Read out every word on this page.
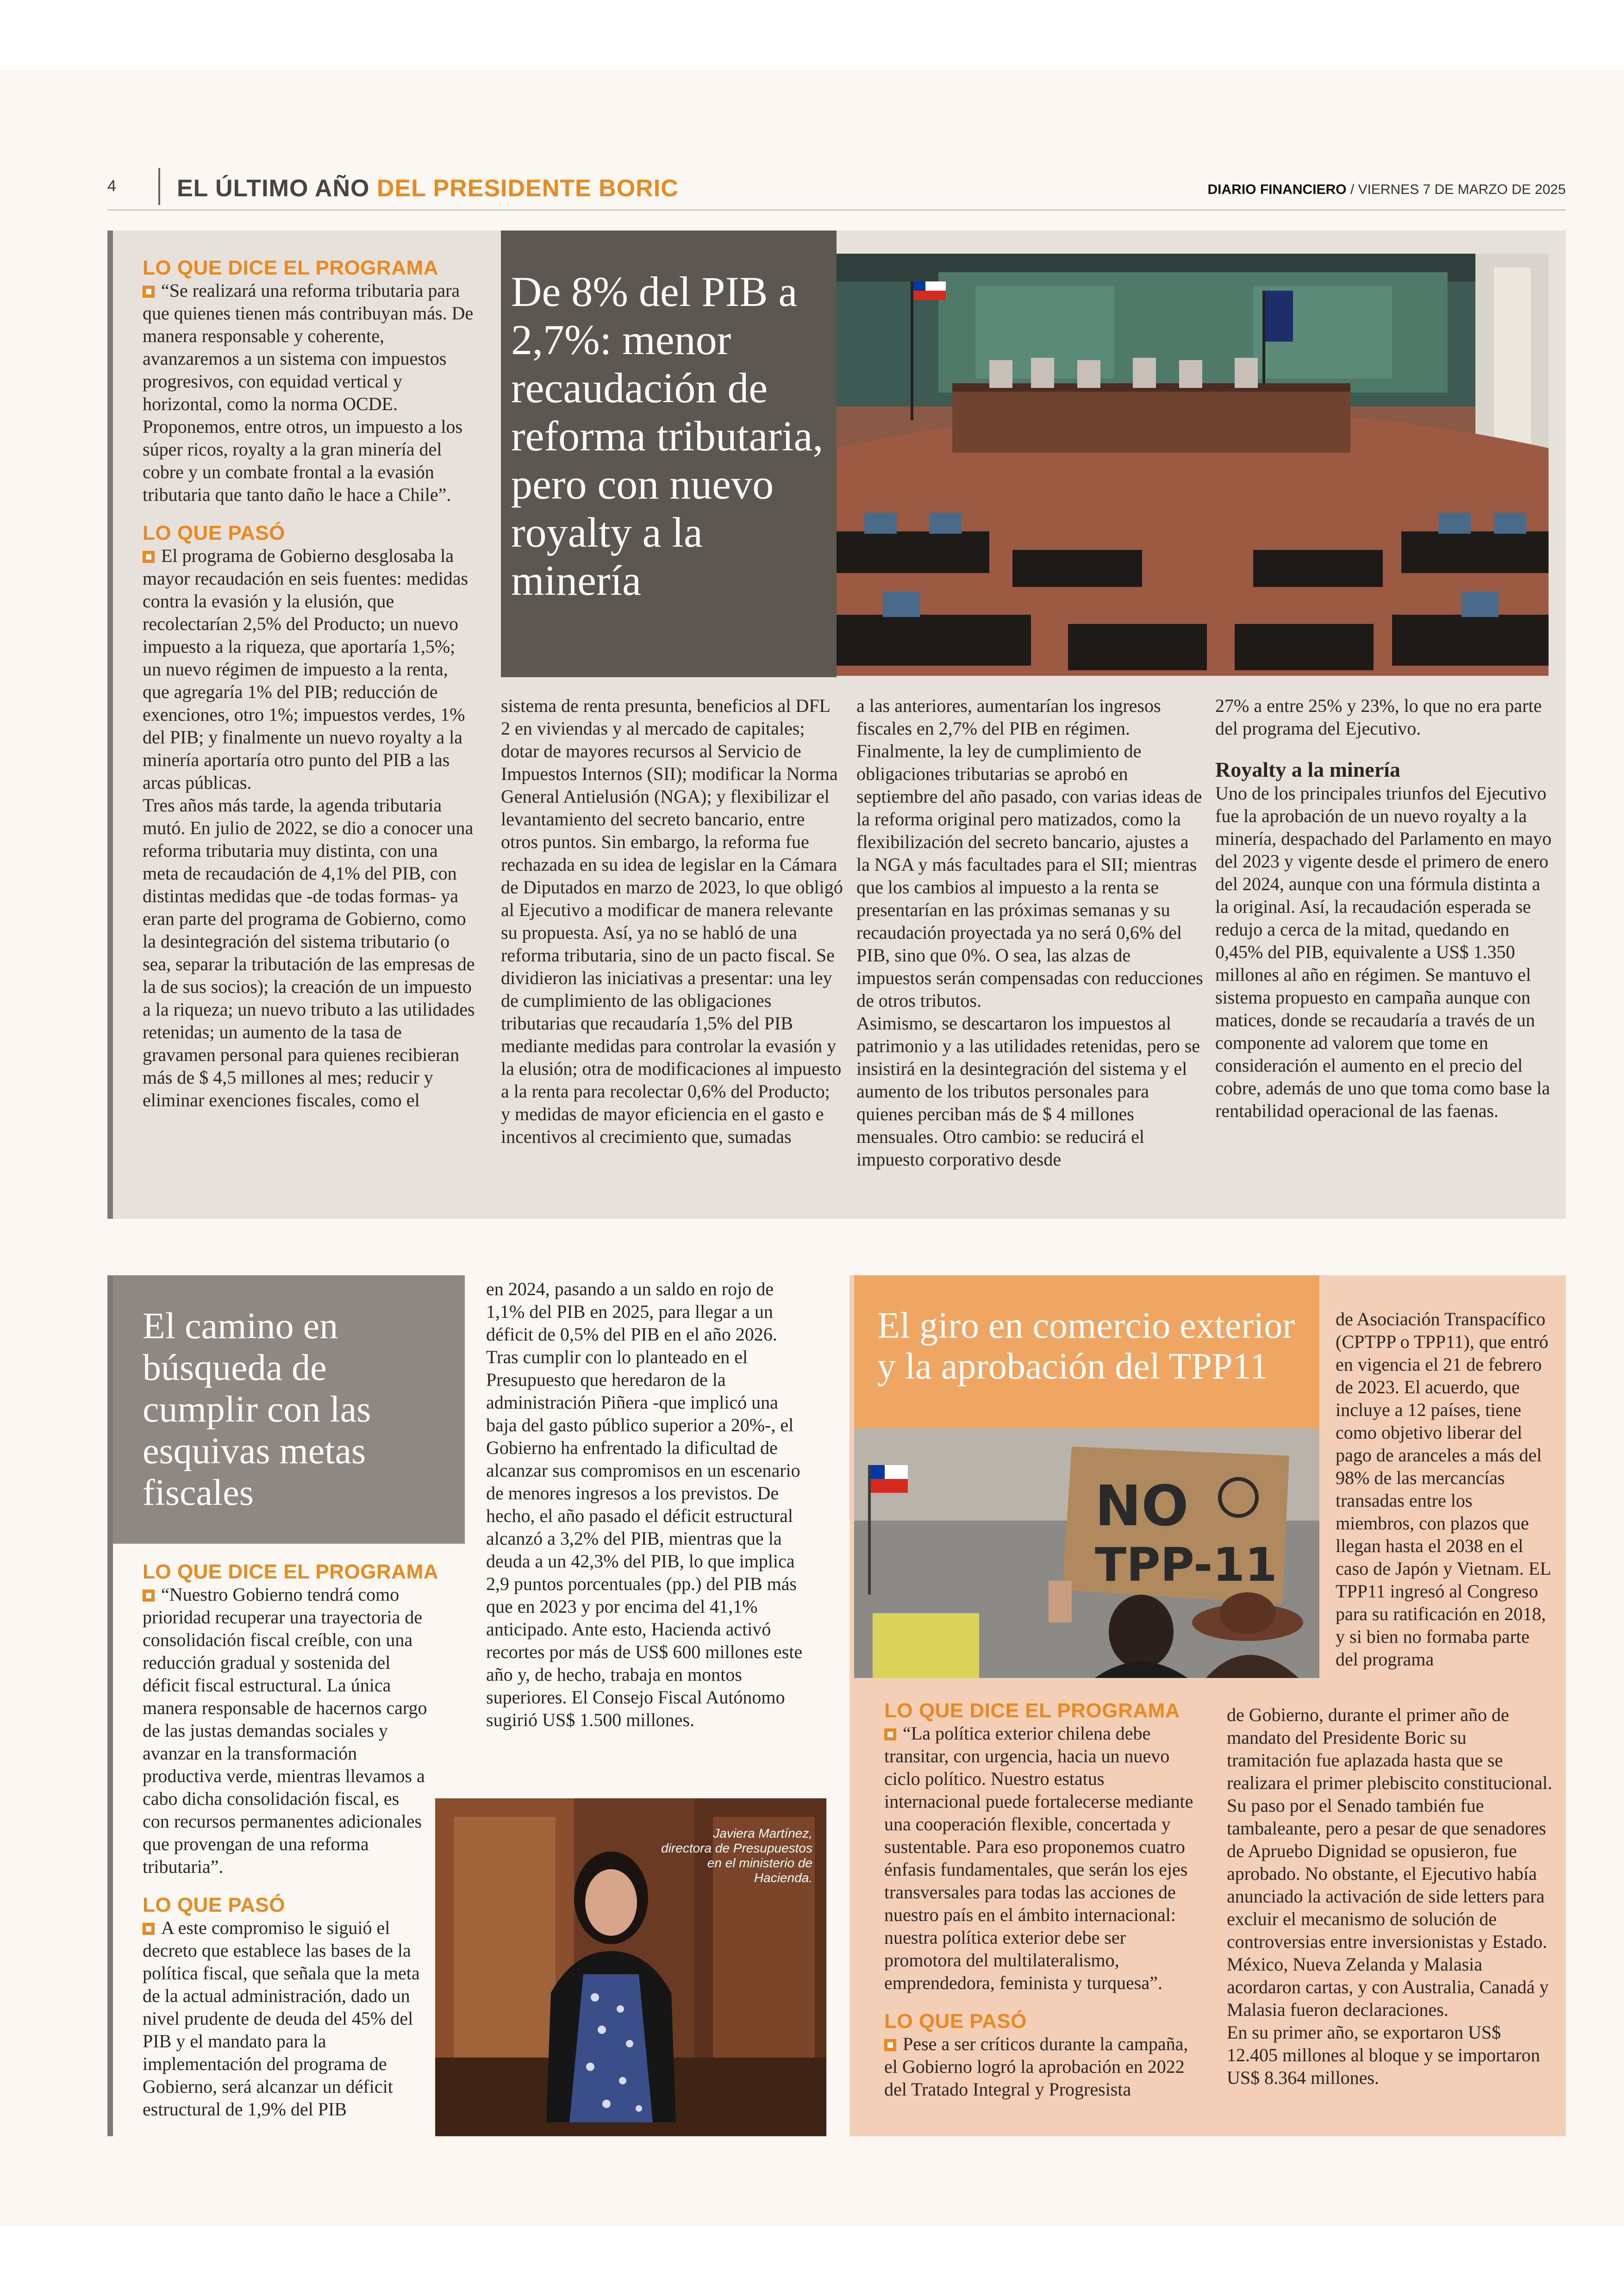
4	EL ÚLTIMO AÑO DEL PRESIDENTE BORIC	DIARIO FINANCIERO / VIERNES 7 DE MARZO DE 2025
LO QUE DICE EL PROGRAMA

“Se realizará una reforma tributaria para que quienes tienen más contribuyan más. De manera responsable y coherente, avanzaremos a un sistema con impuestos progresivos, con equidad vertical y horizontal, como la norma OCDE. Proponemos, entre otros, un impuesto a los súper ricos, royalty a la gran minería del cobre y un combate frontal a la evasión tributaria que tanto daño le hace a Chile”.

LO QUE PASÓ

El programa de Gobierno desglosaba la mayor recaudación en seis fuentes: medidas contra la evasión y la elusión, que recolectarían 2,5% del Producto; un nuevo impuesto a la riqueza, que aportaría 1,5%; un nuevo régimen de impuesto a la renta, que agregaría 1% del PIB; reducción de exenciones, otro 1%; impuestos verdes, 1% del PIB; y finalmente un nuevo royalty a la minería aportaría otro punto del PIB a las arcas públicas.

Tres años más tarde, la agenda tributaria mutó. En julio de 2022, se dio a conocer una reforma tributaria muy distinta, con una meta de recaudación de 4,1% del PIB, con distintas medidas que -de todas formas- ya eran parte del programa de Gobierno, como la desintegración del sistema tributario (o sea, separar la tributación de las empresas de la de sus socios); la creación de un impuesto a la riqueza; un nuevo tributo a las utilidades retenidas; un aumento de la tasa de gravamen personal para quienes recibieran más de $ 4,5 millones al mes; reducir y eliminar exenciones fiscales, como el

De 8% del PIB a 2,7%: menor recaudación de reforma tributaria, pero con nuevo royalty a la minería

sistema de renta presunta, beneficios al DFL 2 en viviendas y al mercado de capitales; dotar de mayores recursos al Servicio de Impuestos Internos (SII); modificar la Norma General Antielusión (NGA); y flexibilizar el levantamiento del secreto bancario, entre otros puntos. Sin embargo, la reforma fue rechazada en su idea de legislar en la Cámara de Diputados en marzo de 2023, lo que obligó al Ejecutivo a modificar de manera relevante su propuesta. Así, ya no se habló de una reforma tributaria, sino de un pacto fiscal. Se dividieron las iniciativas a presentar: una ley de cumplimiento de las obligaciones tributarias que recaudaría 1,5% del PIB mediante medidas para controlar la evasión y la elusión; otra de modificaciones al impuesto a la renta para recolectar 0,6% del Producto; y medidas de mayor eficiencia en el gasto e incentivos al crecimiento que, sumadas

a las anteriores, aumentarían los ingresos fiscales en 2,7% del PIB en régimen. Finalmente, la ley de cumplimiento de obligaciones tributarias se aprobó en septiembre del año pasado, con varias ideas de la reforma original pero matizados, como la flexibilización del secreto bancario, ajustes a la NGA y más facultades para el SII; mientras que los cambios al impuesto a la renta se presentarían en las próximas semanas y su recaudación proyectada ya no será 0,6% del PIB, sino que 0%. O sea, las alzas de impuestos serán compensadas con reducciones de otros tributos.

Asimismo, se descartaron los impuestos al patrimonio y a las utilidades retenidas, pero se insistirá en la desintegración del sistema y el aumento de los tributos personales para quienes perciban más de $ 4 millones mensuales. Otro cambio: se reducirá el impuesto corporativo desde

27% a entre 25% y 23%, lo que no era parte del programa del Ejecutivo.

Royalty a la minería

Uno de los principales triunfos del Ejecutivo fue la aprobación de un nuevo royalty a la minería, despachado del Parlamento en mayo del 2023 y vigente desde el primero de enero del 2024, aunque con una fórmula distinta a la original. Así, la recaudación esperada se redujo a cerca de la mitad, quedando en 0,45% del PIB, equivalente a US$ 1.350 millones al año en régimen. Se mantuvo el sistema propuesto en campaña aunque con matices, donde se recaudaría a través de un componente ad valorem que tome en consideración el aumento en el precio del cobre, además de uno que toma como base la rentabilidad operacional de las faenas.

El camino en búsqueda de cumplir con las esquivas metas fiscales
LO QUE DICE EL PROGRAMA

“Nuestro Gobierno tendrá como prioridad recuperar una trayectoria de consolidación fiscal creíble, con una reducción gradual y sostenida del déficit fiscal estructural. La única manera responsable de hacernos cargo de las justas demandas sociales y avanzar en la transformación productiva verde, mientras llevamos a cabo dicha consolidación fiscal, es con recursos permanentes adicionales que provengan de una reforma tributaria”.

LO QUE PASÓ

A este compromiso le siguió el decreto que establece las bases de la política fiscal, que señala que la meta de la actual administración, dado un nivel prudente de deuda del 45% del PIB y el mandato para la implementación del programa de Gobierno, será alcanzar un déficit estructural de 1,9% del PIB

en 2024, pasando a un saldo en rojo de 1,1% del PIB en 2025, para llegar a un déficit de 0,5% del PIB en el año 2026. Tras cumplir con lo planteado en el Presupuesto que heredaron de la administración Piñera -que implicó una baja del gasto público superior a 20%-, el Gobierno ha enfrentado la dificultad de alcanzar sus compromisos en un escenario de menores ingresos a los previstos. De hecho, el año pasado el déficit estructural alcanzó a 3,2% del PIB, mientras que la deuda a un 42,3% del PIB, lo que implica 2,9 puntos porcentuales (pp.) del PIB más que en 2023 y por encima del 41,1% anticipado. Ante esto, Hacienda activó recortes por más de US$ 600 millones este año y, de hecho, trabaja en montos superiores. El Consejo Fiscal Autónomo sugirió US$ 1.500 millones.

Javiera Martínez, directora de Presupuestos en el ministerio de Hacienda.
El giro en comercio exterior y la aprobación del TPP11
NO
TPP-11
LO QUE DICE EL PROGRAMA

“La política exterior chilena debe transitar, con urgencia, hacia un nuevo ciclo político. Nuestro estatus internacional puede fortalecerse mediante una cooperación flexible, concertada y sustentable. Para eso proponemos cuatro énfasis fundamentales, que serán los ejes transversales para todas las acciones de nuestro país en el ámbito internacional: nuestra política exterior debe ser promotora del multilateralismo, emprendedora, feminista y turquesa”.

LO QUE PASÓ

Pese a ser críticos durante la campaña, el Gobierno logró la aprobación en 2022 del Tratado Integral y Progresista

de Asociación Transpacífico (CPTPP o TPP11), que entró en vigencia el 21 de febrero de 2023. El acuerdo, que incluye a 12 países, tiene como objetivo liberar del pago de aranceles a más del 98% de las mercancías transadas entre los miembros, con plazos que llegan hasta el 2038 en el caso de Japón y Vietnam. EL TPP11 ingresó al Congreso para su ratificación en 2018, y si bien no formaba parte del programa

de Gobierno, durante el primer año de mandato del Presidente Boric su tramitación fue aplazada hasta que se realizara el primer plebiscito constitucional. Su paso por el Senado también fue tambaleante, pero a pesar de que senadores de Apruebo Dignidad se opusieron, fue aprobado. No obstante, el Ejecutivo había anunciado la activación de side letters para excluir el mecanismo de solución de controversias entre inversionistas y Estado. México, Nueva Zelanda y Malasia acordaron cartas, y con Australia, Canadá y Malasia fueron declaraciones.

En su primer año, se exportaron US$ 12.405 millones al bloque y se importaron US$ 8.364 millones.
